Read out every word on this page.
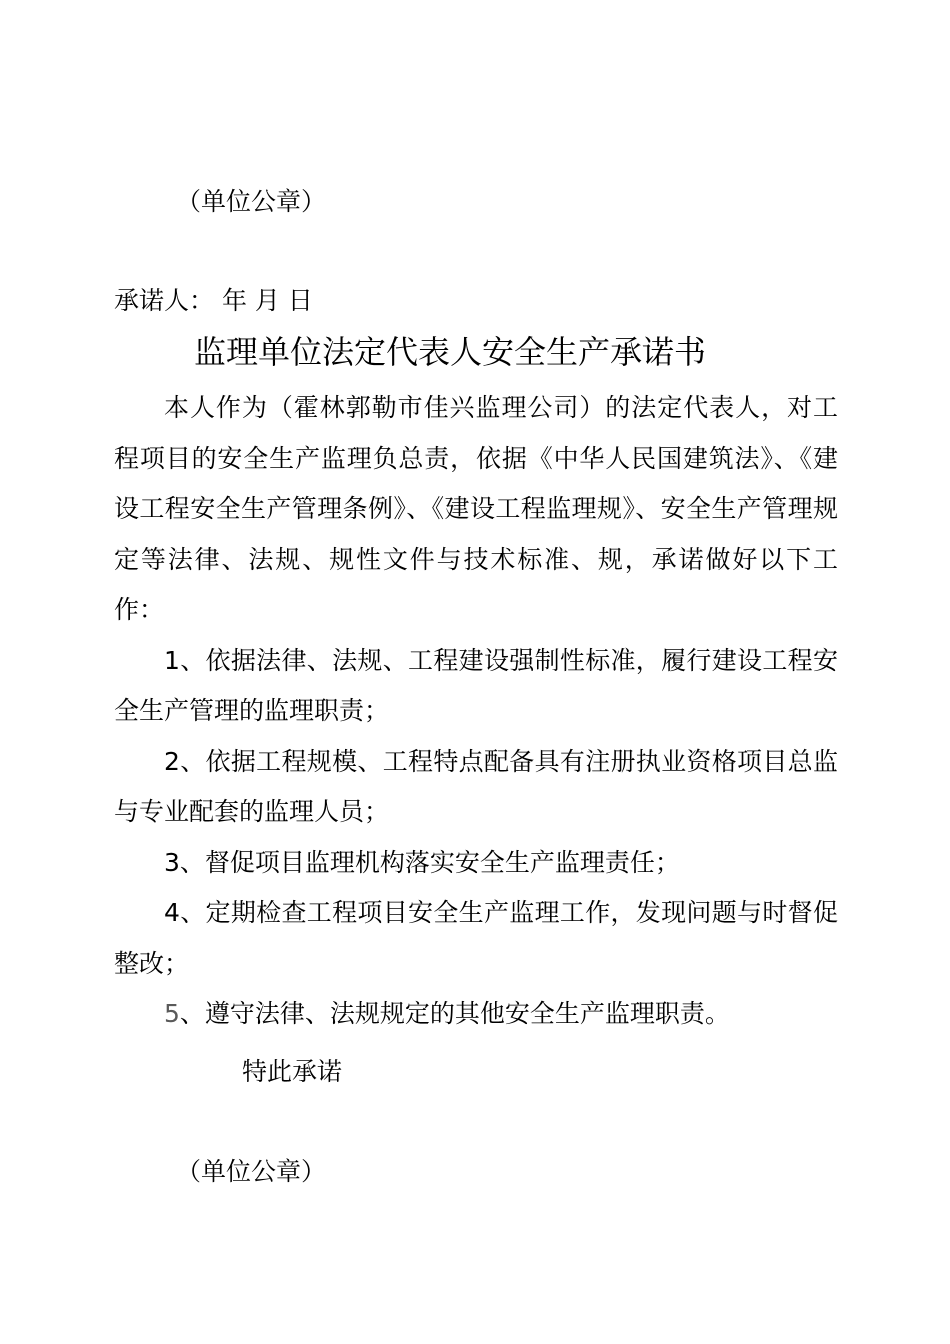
（单位公章）
承诺人： 年 月 日
监理单位法定代表人安全生产承诺书

本人作为（霍林郭勒市佳兴监理公司）的法定代表人，对工程项目的安全生产监理负总责，依据《中华人民国建筑法》、《建设工程安全生产管理条例》、《建设工程监理规》、安全生产管理规定等法律、法规、规性文件与技术标准、规，承诺做好以下工作：

1、依据法律、法规、工程建设强制性标准，履行建设工程安全生产管理的监理职责；

2、依据工程规模、工程特点配备具有注册执业资格项目总监与专业配套的监理人员；

3、督促项目监理机构落实安全生产监理责任；

4、定期检查工程项目安全生产监理工作，发现问题与时督促整改；

5、遵守法律、法规规定的其他安全生产监理职责。

特此承诺
（单位公章）
